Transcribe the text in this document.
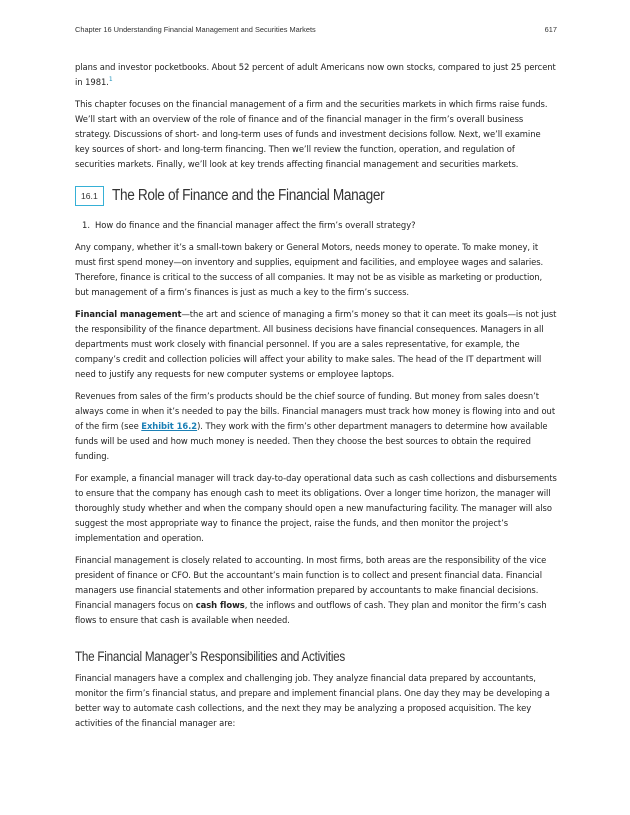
Chapter 16 Understanding Financial Management and Securities Markets	617

plans and investor pocketbooks. About 52 percent of adult Americans now own stocks, compared to just 25 percent in 1981.$^1$

This chapter focuses on the financial management of a firm and the securities markets in which firms raise funds. We’ll start with an overview of the role of finance and of the financial manager in the firm’s overall business strategy. Discussions of short- and long-term uses of funds and investment decisions follow. Next, we’ll examine key sources of short- and long-term financing. Then we’ll review the function, operation, and regulation of securities markets. Finally, we’ll look at key trends affecting financial management and securities markets.

16.1 The Role of Finance and the Financial Manager
1. How do finance and the financial manager affect the firm’s overall strategy?

Any company, whether it’s a small-town bakery or General Motors, needs money to operate. To make money, it must first spend money—on inventory and supplies, equipment and facilities, and employee wages and salaries. Therefore, finance is critical to the success of all companies. It may not be as visible as marketing or production, but management of a firm’s finances is just as much a key to the firm’s success.

Financial management—the art and science of managing a firm’s money so that it can meet its goals—is not just the responsibility of the finance department. All business decisions have financial consequences. Managers in all departments must work closely with financial personnel. If you are a sales representative, for example, the company’s credit and collection policies will affect your ability to make sales. The head of the IT department will need to justify any requests for new computer systems or employee laptops.

Revenues from sales of the firm’s products should be the chief source of funding. But money from sales doesn’t always come in when it’s needed to pay the bills. Financial managers must track how money is flowing into and out of the firm (see Exhibit 16.2). They work with the firm’s other department managers to determine how available funds will be used and how much money is needed. Then they choose the best sources to obtain the required funding.

For example, a financial manager will track day-to-day operational data such as cash collections and disbursements to ensure that the company has enough cash to meet its obligations. Over a longer time horizon, the manager will thoroughly study whether and when the company should open a new manufacturing facility. The manager will also suggest the most appropriate way to finance the project, raise the funds, and then monitor the project’s implementation and operation.

Financial management is closely related to accounting. In most firms, both areas are the responsibility of the vice president of finance or CFO. But the accountant’s main function is to collect and present financial data. Financial managers use financial statements and other information prepared by accountants to make financial decisions. Financial managers focus on cash flows, the inflows and outflows of cash. They plan and monitor the firm’s cash flows to ensure that cash is available when needed.

The Financial Manager’s Responsibilities and Activities

Financial managers have a complex and challenging job. They analyze financial data prepared by accountants, monitor the firm’s financial status, and prepare and implement financial plans. One day they may be developing a better way to automate cash collections, and the next they may be analyzing a proposed acquisition. The key activities of the financial manager are:
